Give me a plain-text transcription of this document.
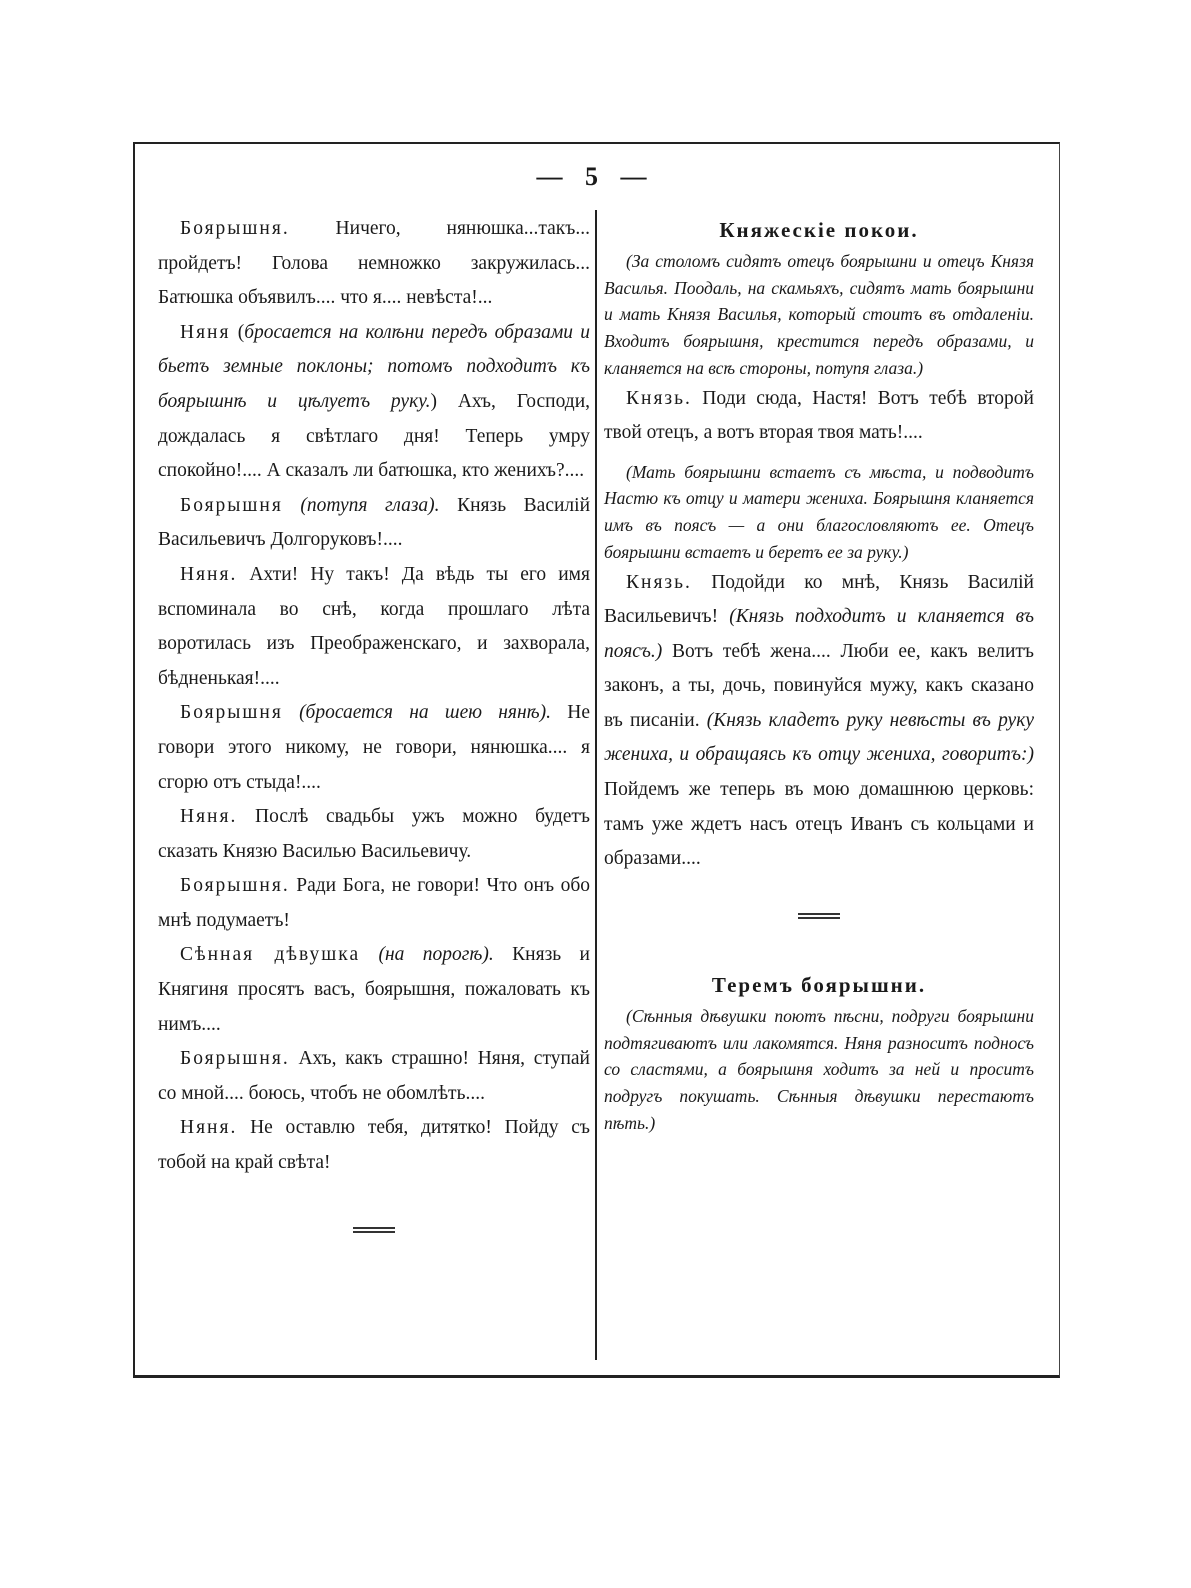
— 5 —

Боярышня. Ничего, нянюшка...такъ... пройдетъ! Голова немножко закружилась... Батюшка объявилъ.... что я.... невѣста!...

Няня (бросается на колѣни передъ образами и бьетъ земные поклоны; потомъ подходитъ къ боярышнѣ и цѣлуетъ руку.) Ахъ, Господи, дождалась я свѣтлаго дня! Теперь умру спокойно!.... А сказалъ ли батюшка, кто женихъ?....

Боярышня (потупя глаза). Князь Василій Васильевичъ Долгоруковъ!....

Няня. Ахти! Ну такъ! Да вѣдь ты его имя вспоминала во снѣ, когда прошлаго лѣта воротилась изъ Преображенскаго, и захворала, бѣдненькая!....

Боярышня (бросается на шею нянѣ). Не говори этого никому, не говори, нянюшка.... я сгорю отъ стыда!....

Няня. Послѣ свадьбы ужъ можно будетъ сказать Князю Василью Васильевичу.

Боярышня. Ради Бога, не говори! Что онъ обо мнѣ подумаетъ!

Сѣнная дѣвушка (на порогѣ). Князь и Княгиня просятъ васъ, боярышня, пожаловать къ нимъ....

Боярышня. Ахъ, какъ страшно! Няня, ступай со мной.... боюсь, чтобъ не обомлѣть....

Няня. Не оставлю тебя, дитятко! Пойду съ тобой на край свѣта!

Княжескіе покои.

(За столомъ сидятъ отецъ боярышни и отецъ Князя Василья. Поодаль, на скамьяхъ, сидятъ мать боярышни и мать Князя Василья, который стоитъ въ отдаленіи. Входитъ боярышня, крестится передъ образами, и кланяется на всѣ стороны, потупя глаза.)

Князь. Поди сюда, Настя! Вотъ тебѣ второй твой отецъ, а вотъ вторая твоя мать!....

(Мать боярышни встаетъ съ мѣста, и подводитъ Настю къ отцу и матери жениха. Боярышня кланяется имъ въ поясъ — а они благословляютъ ее. Отецъ боярышни встаетъ и беретъ ее за руку.)

Князь. Подойди ко мнѣ, Князь Василій Васильевичъ! (Князь подходитъ и кланяется въ поясъ.) Вотъ тебѣ жена.... Люби ее, какъ велитъ законъ, а ты, дочь, повинуйся мужу, какъ сказано въ писаніи. (Князь кладетъ руку невѣсты въ руку жениха, и обращаясь къ отцу жениха, говоритъ:) Пойдемъ же теперь въ мою домашнюю церковь: тамъ уже ждетъ насъ отецъ Иванъ съ кольцами и образами....

Теремъ боярышни.

(Сѣнныя дѣвушки поютъ пѣсни, подруги боярышни подтягиваютъ или лакомятся. Няня разноситъ подносъ со сластями, а боярышня ходитъ за ней и проситъ подругъ покушать. Сѣнныя дѣвушки перестаютъ пѣть.)
